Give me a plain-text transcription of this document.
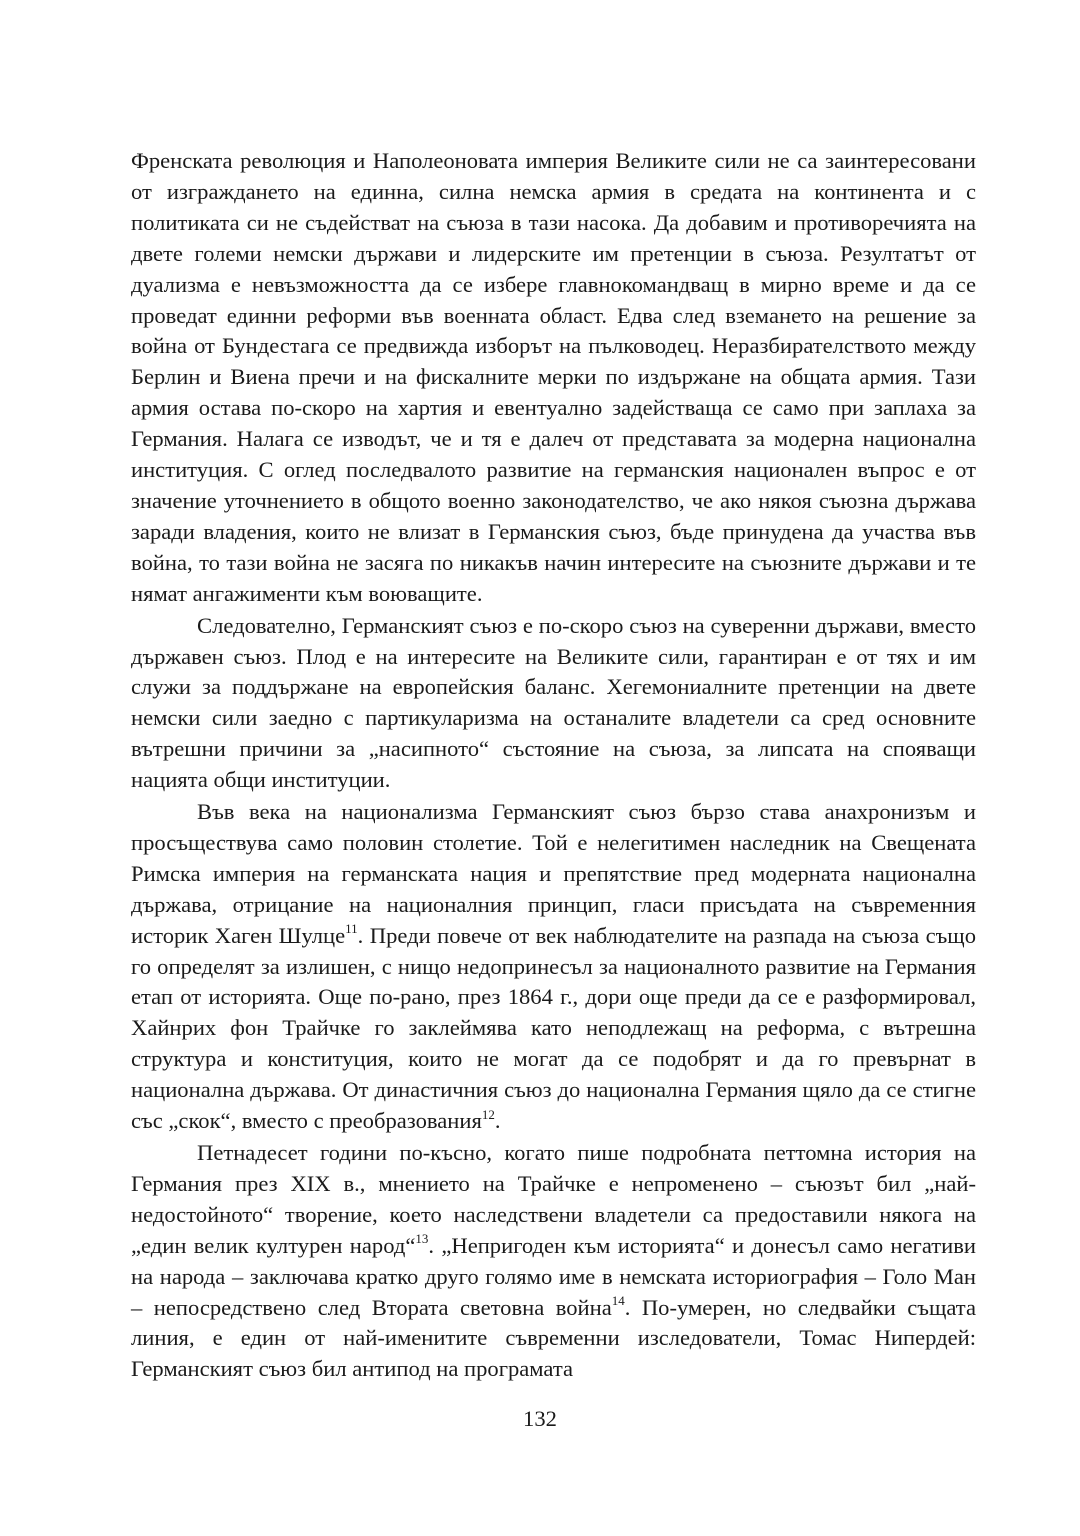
Френската революция и Наполеоновата империя Великите сили не са заинтересовани от изграждането на единна, силна немска армия в средата на континента и с политиката си не съдействат на съюза в тази насока. Да добавим и противоречията на двете големи немски държави и лидерските им претенции в съюза. Резултатът от дуализма е невъзможността да се избере главнокомандващ в мирно време и да се проведат единни реформи във военната област. Едва след вземането на решение за война от Бундестага се предвижда изборът на пълководец. Неразбирателството между Берлин и Виена пречи и на фискалните мерки по издържане на общата армия. Тази армия остава по-скоро на хартия и евентуално задействаща се само при заплаха за Германия. Налага се изводът, че и тя е далеч от представата за модерна национална институция. С оглед последвалото развитие на германския национален въпрос е от значение уточнението в общото военно законодателство, че ако някоя съюзна държава заради владения, които не влизат в Германския съюз, бъде принудена да участва във война, то тази война не засяга по никакъв начин интересите на съюзните държави и те нямат ангажименти към воюващите.

Следователно, Германският съюз е по-скоро съюз на суверенни държави, вместо държавен съюз. Плод е на интересите на Великите сили, гарантиран е от тях и им служи за поддържане на европейския баланс. Хегемониалните претенции на двете немски сили заедно с партикуларизма на останалите владетели са сред основните вътрешни причини за „насипното“ състояние на съюза, за липсата на спояващи нацията общи институции.

Във века на национализма Германският съюз бързо става анахронизъм и просъществува само половин столетие. Той е нелегитимен наследник на Свещената Римска империя на германската нация и препятствие пред модерната национална държава, отрицание на националния принцип, гласи присъдата на съвременния историк Хаген Шулце$^{11}$. Преди повече от век наблюдателите на разпада на съюза също го определят за излишен, с нищо недопринесъл за националното развитие на Германия етап от историята. Още по-рано, през 1864 г., дори още преди да се е разформировал, Хайнрих фон Трайчке го заклеймява като неподлежащ на реформа, с вътрешна структура и конституция, които не могат да се подобрят и да го превърнат в национална държава. От династичния съюз до национална Германия щяло да се стигне със „скок“, вместо с преобразования$^{12}$.

Петнадесет години по-късно, когато пише подробната петтомна история на Германия през XIX в., мнението на Трайчке е непроменено – съюзът бил „най-недостойното“ творение, което наследствени владетели са предоставили някога на „един велик културен народ“$^{13}$. „Непригоден към историята“ и донесъл само негативи на народа – заключава кратко друго голямо име в немската историография – Голо Ман – непосредствено след Втората световна война$^{14}$. По-умерен, но следвайки същата линия, е един от най-именитите съвременни изследователи, Томас Нипердей: Германският съюз бил антипод на програмата

132
